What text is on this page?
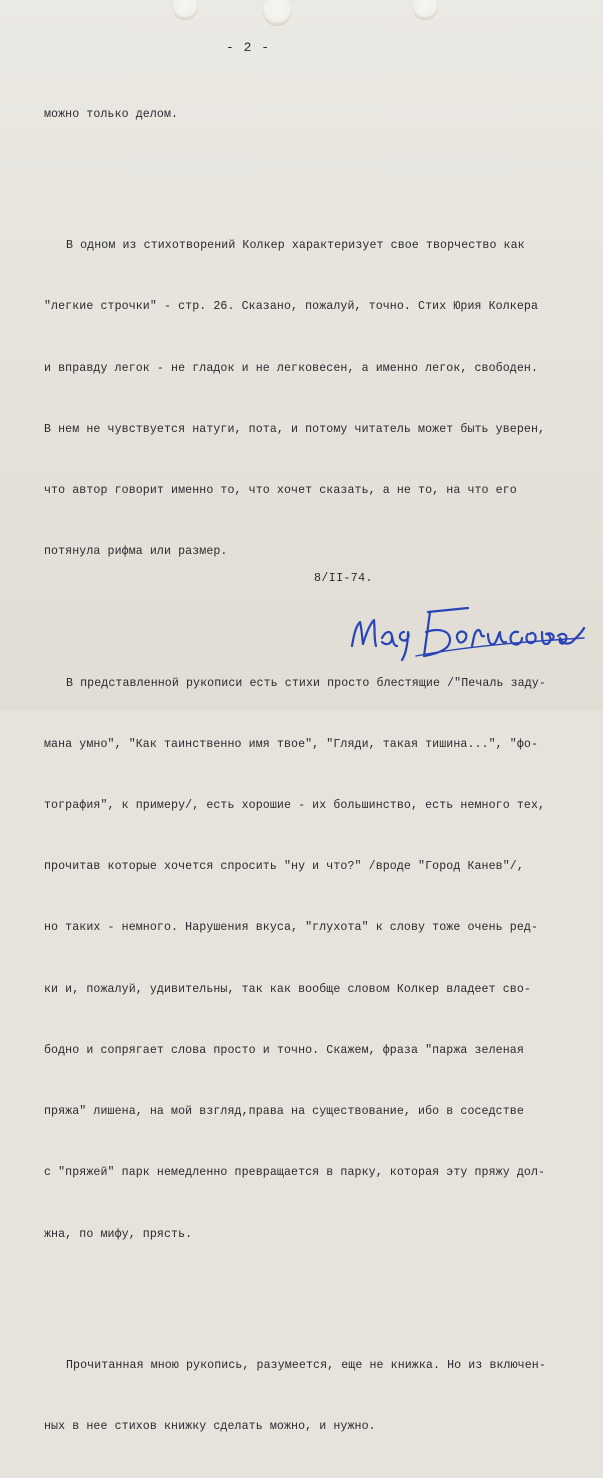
- 2 -

можно только делом.

В одном из стихотворений Колкер характеризует свое творчество как

"легкие строчки" - стр. 26. Сказано, пожалуй, точно. Стих Юрия Колкера

и вправду легок - не гладок и не легковесен, а именно легок, свободен.

В нем не чувствуется натуги, пота, и потому читатель может быть уверен,

что автор говорит именно то, что хочет сказать, а не то, на что его

потянула рифма или размер.

В представленной рукописи есть стихи просто блестящие /"Печаль заду-

мана умно", "Как таинственно имя твое", "Гляди, такая тишина...", "фо-

тография", к примеру/, есть хорошие - их большинство, есть немного тех,

прочитав которые хочется спросить "ну и что?" /вроде "Город Канев"/,

но таких - немного. Нарушения вкуса, "глухота" к слову тоже очень ред-

ки и, пожалуй, удивительны, так как вообще словом Колкер владеет сво-

бодно и сопрягает слова просто и точно. Скажем, фраза "паржа зеленая

пряжа" лишена, на мой взгляд,права на существование, ибо в соседстве

с "пряжей" парк немедленно превращается в парку, которая эту пряжу дол-

жна, по мифу, прясть.

Прочитанная мною рукопись, разумеется, еще не книжка. Но из включен-

ных в нее стихов книжку сделать можно, и нужно.

8/II-74.
